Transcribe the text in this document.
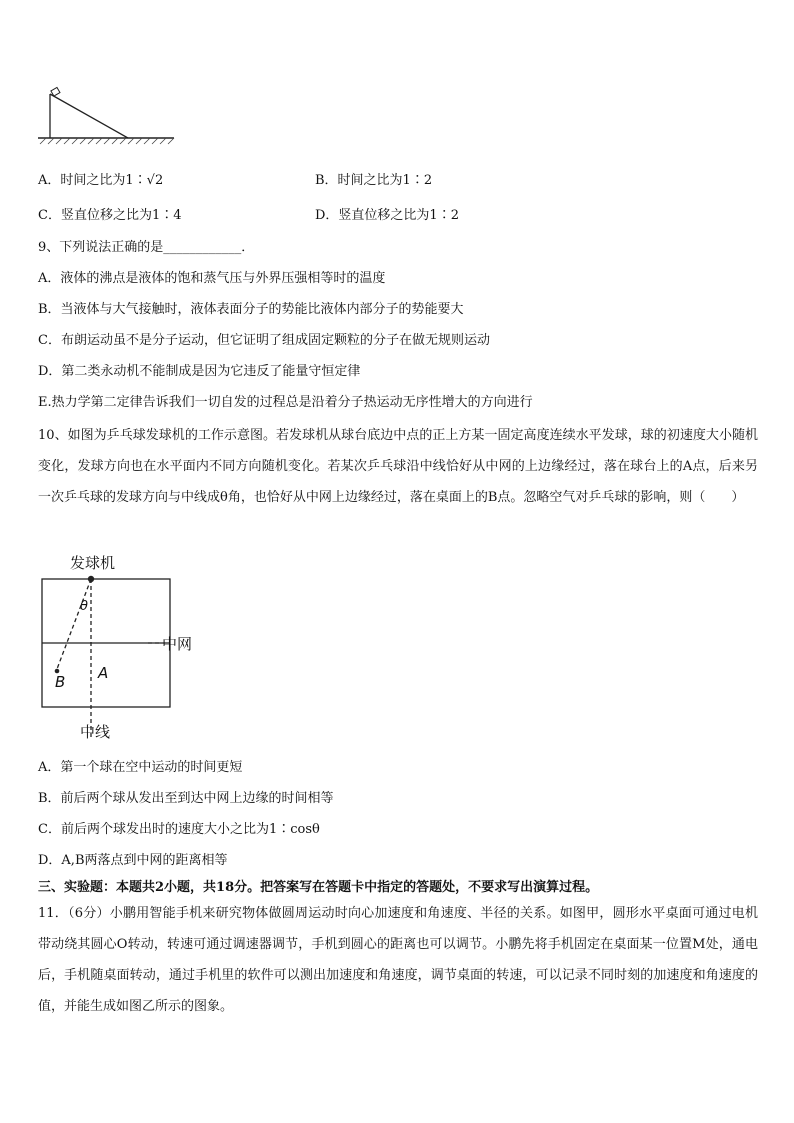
A．时间之比为1∶√2	B．时间之比为1∶2
C．竖直位移之比为1∶4	D．竖直位移之比为1∶2
9、下列说法正确的是____________．
A．液体的沸点是液体的饱和蒸气压与外界压强相等时的温度
B．当液体与大气接触时，液体表面分子的势能比液体内部分子的势能要大
C．布朗运动虽不是分子运动，但它证明了组成固定颗粒的分子在做无规则运动
D．第二类永动机不能制成是因为它违反了能量守恒定律
E.热力学第二定律告诉我们一切自发的过程总是沿着分子热运动无序性增大的方向进行
10、如图为乒乓球发球机的工作示意图。若发球机从球台底边中点的正上方某一固定高度连续水平发球，球的初速度大小随机变化，发球方向也在水平面内不同方向随机变化。若某次乒乓球沿中线恰好从中网的上边缘经过，落在球台上的A点，后来另一次乒乓球的发球方向与中线成θ角，也恰好从中网上边缘经过，落在桌面上的B点。忽略空气对乒乓球的影响，则（　　）
发球机
中网
θ
A
B
中线
A．第一个球在空中运动的时间更短
B．前后两个球从发出至到达中网上边缘的时间相等
C．前后两个球发出时的速度大小之比为1∶cosθ
D．A,B两落点到中网的距离相等
三、实验题：本题共2小题，共18分。把答案写在答题卡中指定的答题处，不要求写出演算过程。
11．（6分）小鹏用智能手机来研究物体做圆周运动时向心加速度和角速度、半径的关系。如图甲，圆形水平桌面可通过电机带动绕其圆心O转动，转速可通过调速器调节，手机到圆心的距离也可以调节。小鹏先将手机固定在桌面某一位置M处，通电后，手机随桌面转动，通过手机里的软件可以测出加速度和角速度，调节桌面的转速，可以记录不同时刻的加速度和角速度的值，并能生成如图乙所示的图象。
